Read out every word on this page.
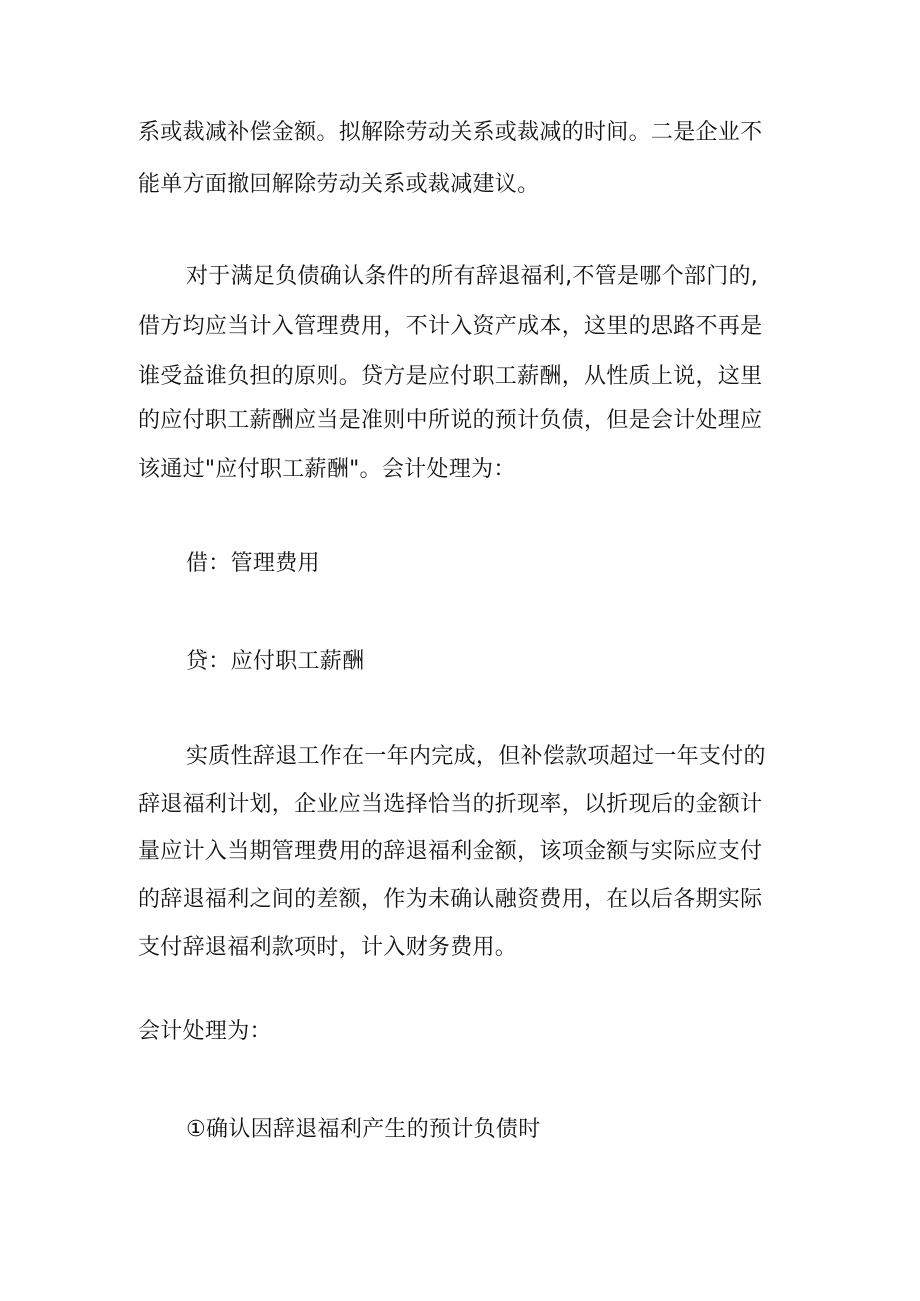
系或裁减补偿金额。拟解除劳动关系或裁减的时间。二是企业不
能单方面撤回解除劳动关系或裁减建议。
对于满足负债确认条件的所有辞退福利,不管是哪个部门的,
借方均应当计入管理费用，不计入资产成本，这里的思路不再是
谁受益谁负担的原则。贷方是应付职工薪酬，从性质上说，这里
的应付职工薪酬应当是准则中所说的预计负债，但是会计处理应
该通过"应付职工薪酬"。会计处理为：
借：管理费用
贷：应付职工薪酬
实质性辞退工作在一年内完成，但补偿款项超过一年支付的
辞退福利计划，企业应当选择恰当的折现率，以折现后的金额计
量应计入当期管理费用的辞退福利金额，该项金额与实际应支付
的辞退福利之间的差额，作为未确认融资费用，在以后各期实际
支付辞退福利款项时，计入财务费用。
会计处理为：
①确认因辞退福利产生的预计负债时
